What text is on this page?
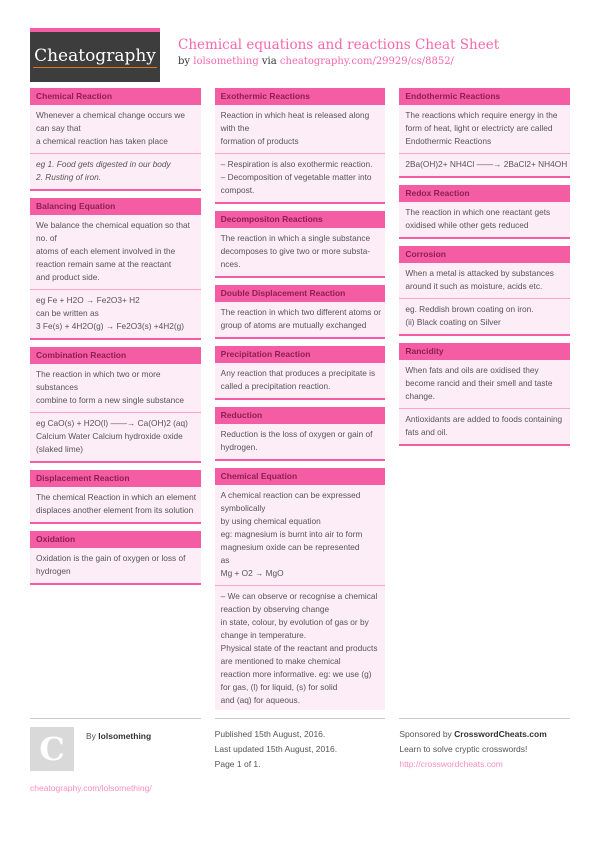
Cheatography
Chemical equations and reactions Cheat Sheet
by lolsomething via cheatography.com/29929/cs/8852/
Chemical Reaction
Whenever a chemical change occurs we
can say that
a chemical reaction has taken place
eg 1. Food gets digested in our body
2. Rusting of iron.
Balancing Equation
We balance the chemical equation so that
no. of
atoms of each element involved in the
reaction remain same at the reactant
and product side.
eg Fe + H2O → Fe2O3+ H2
can be written as
3 Fe(s) + 4H2O(g) → Fe2O3(s) +4H2(g)
Combination Reaction
The reaction in which two or more
substances
combine to form a new single substance
eg CaO(s) + H2O(l) ——→ Ca(OH)2 (aq)
Calcium Water Calcium hydroxide oxide
(slaked lime)
Displacement Reaction
The chemical Reaction in which an element
displaces another element from its solution
Oxidation
Oxidation is the gain of oxygen or loss of
hydrogen
Exothermic Reactions
Reaction in which heat is released along
with the
formation of products
– Respiration is also exothermic reaction.
– Decomposition of vegetable matter into
compost.
Decompositon Reactions
The reaction in which a single substance
decomposes to give two or more substa-
nces.
Double Displacement Reaction
The reaction in which two different atoms or
group of atoms are mutually exchanged
Precipitation Reaction
Any reaction that produces a precipitate is
called a precipitation reaction.
Reduction
Reduction is the loss of oxygen or gain of
hydrogen.
Chemical Equation
A chemical reaction can be expressed
symbolically
by using chemical equation
eg: magnesium is burnt into air to form
magnesium oxide can be represented
as
Mg + O2 → MgO
– We can observe or recognise a chemical
reaction by observing change
in state, colour, by evolution of gas or by
change in temperature.
Physical state of the reactant and products
are mentioned to make chemical
reaction more informative. eg: we use (g)
for gas, (l) for liquid, (s) for solid
and (aq) for aqueous.
Endothermic Reactions
The reactions which require energy in the
form of heat, light or electricty are called
Endothermic Reactions
2Ba(OH)2+ NH4Cl ——→ 2BaCl2+ NH4OH
Redox Reaction
The reaction in which one reactant gets
oxidised while other gets reduced
Corrosion
When a metal is attacked by substances
around it such as moisture, acids etc.
eg. Reddish brown coating on iron.
(ii) Black coating on Silver
Rancidity
When fats and oils are oxidised they
become rancid and their smell and taste
change.
Antioxidants are added to foods containing
fats and oil.
C	By lolsomething
cheatography.com/lolsomething/
Published 15th August, 2016.
Last updated 15th August, 2016.
Page 1 of 1.
Sponsored by CrosswordCheats.com
Learn to solve cryptic crosswords!
http://crosswordcheats.com
